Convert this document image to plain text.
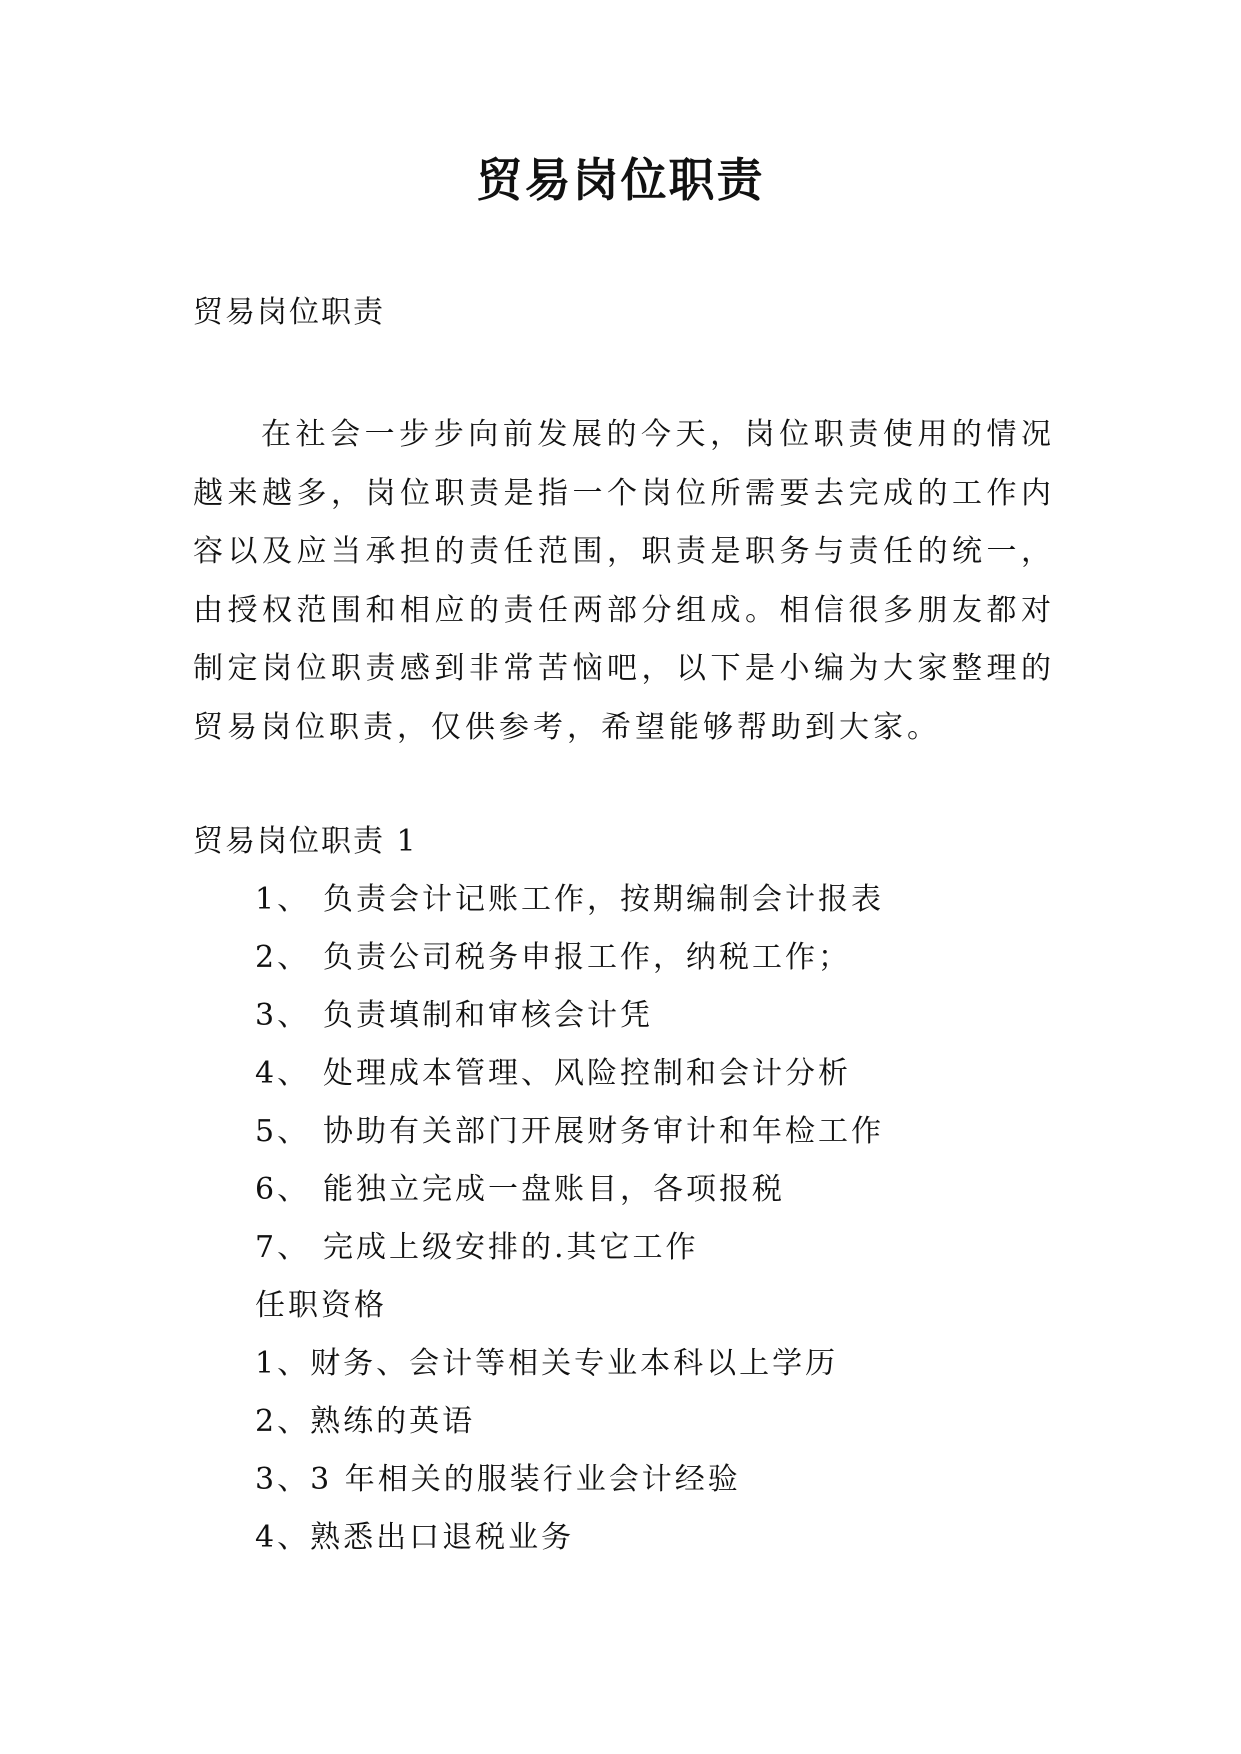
贸易岗位职责
贸易岗位职责

在社会一步步向前发展的今天，岗位职责使用的情况越来越多，岗位职责是指一个岗位所需要去完成的工作内容以及应当承担的责任范围，职责是职务与责任的统一，由授权范围和相应的责任两部分组成。相信很多朋友都对制定岗位职责感到非常苦恼吧，以下是小编为大家整理的贸易岗位职责，仅供参考，希望能够帮助到大家。

贸易岗位职责 1
1、 负责会计记账工作，按期编制会计报表
2、 负责公司税务申报工作，纳税工作；
3、 负责填制和审核会计凭
4、 处理成本管理、风险控制和会计分析
5、 协助有关部门开展财务审计和年检工作
6、 能独立完成一盘账目，各项报税
7、 完成上级安排的.其它工作
任职资格
1、财务、会计等相关专业本科以上学历
2、熟练的英语
3、3 年相关的服装行业会计经验
4、熟悉出口退税业务
